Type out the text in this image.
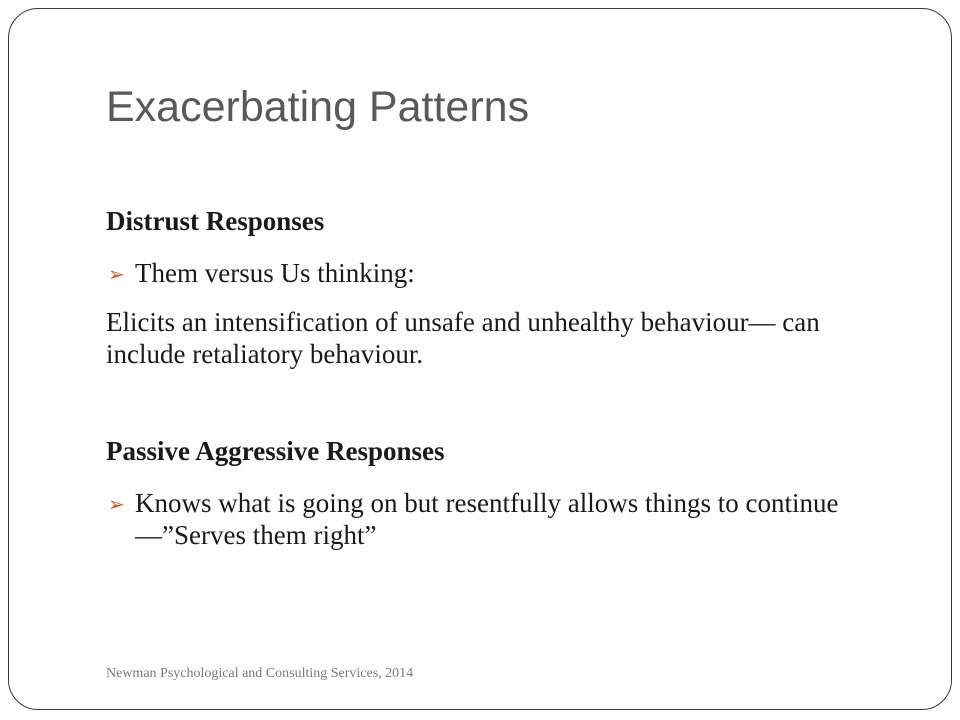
Exacerbating Patterns
Distrust Responses
➢ Them versus Us thinking:
Elicits an intensification of unsafe and unhealthy behaviour— can include retaliatory behaviour.
Passive Aggressive Responses
➢ Knows what is going on but resentfully allows things to continue—”Serves them right”
Newman Psychological and Consulting Services, 2014
